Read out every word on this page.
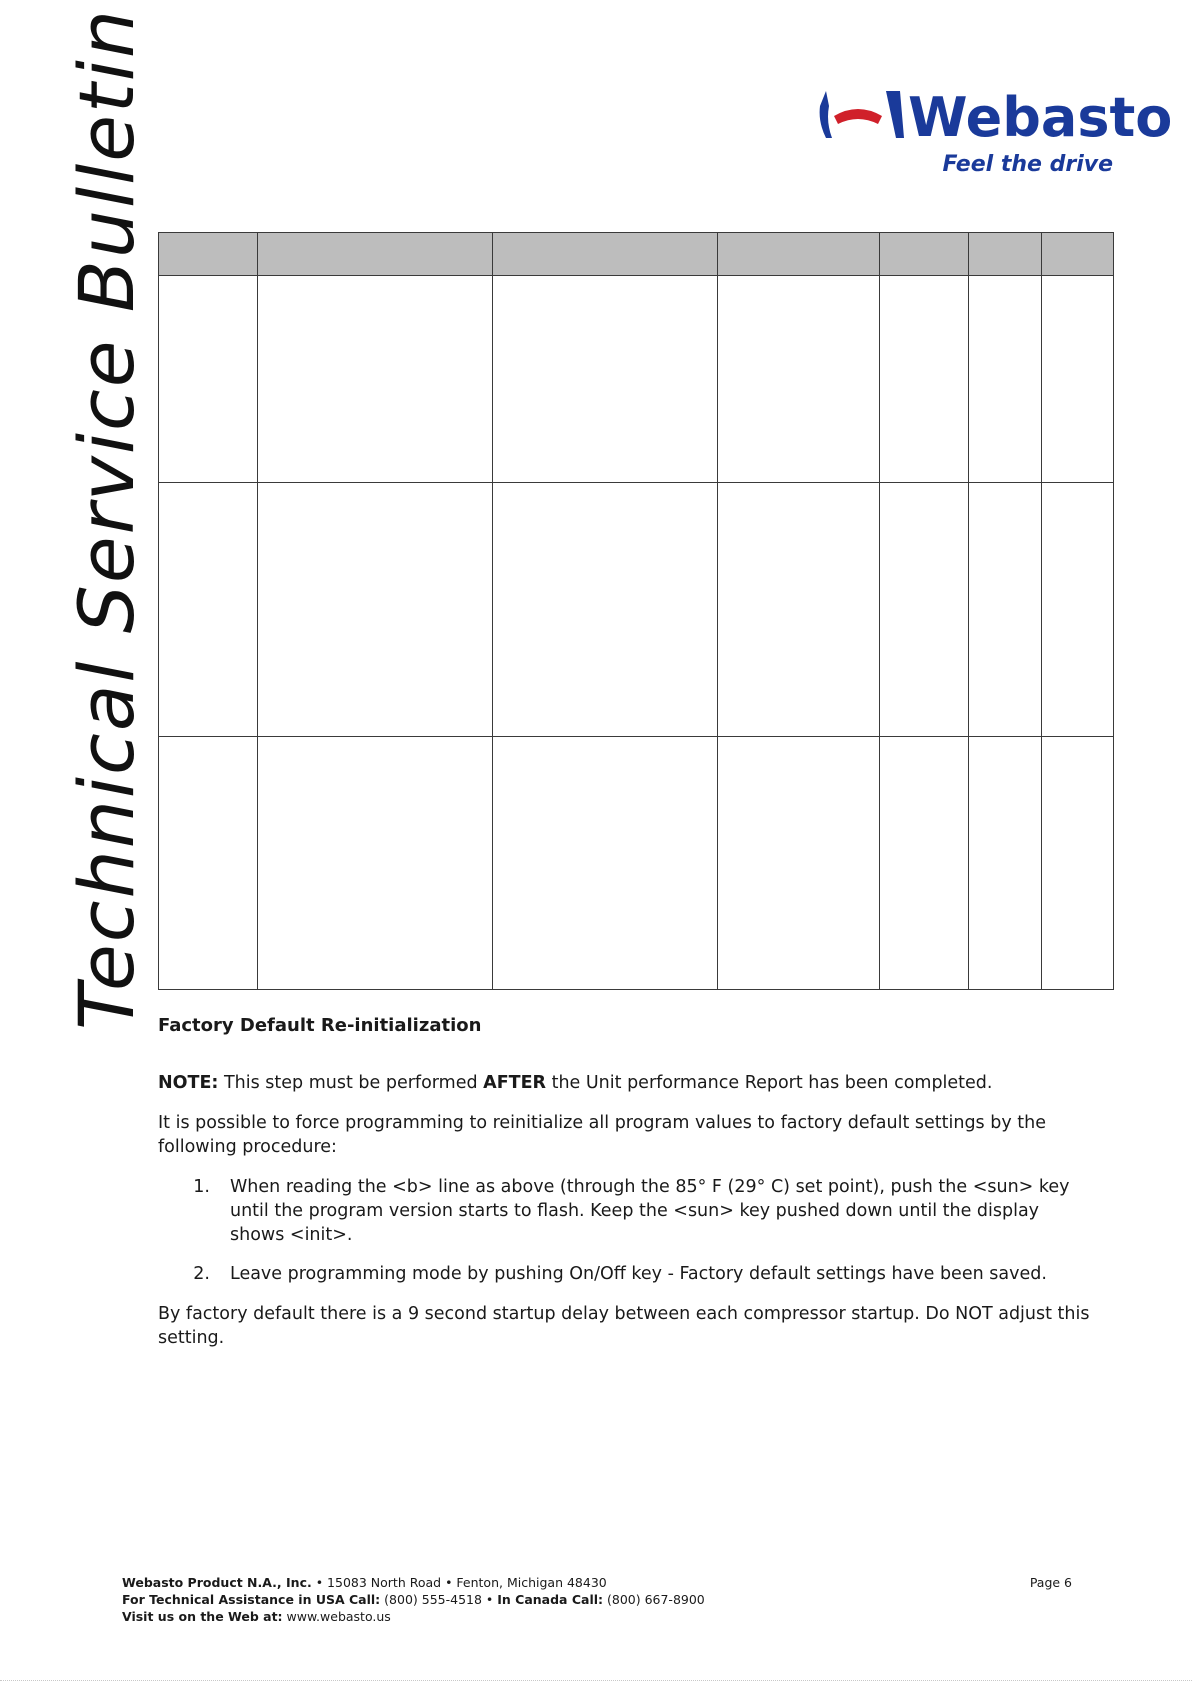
Technical Service Bulletin	Webasto
Feel the drive

Factory Default Re-initialization

NOTE: This step must be performed AFTER the Unit performance Report has been completed.

It is possible to force programming to reinitialize all program values to factory default settings by the following procedure:

1.	When reading the <b> line as above (through the 85° F (29° C) set point), push the <sun> key until the program version starts to flash. Keep the <sun> key pushed down until the display shows <init>.
2.	Leave programming mode by pushing On/Off key - Factory default settings have been saved.

By factory default there is a 9 second startup delay between each compressor startup. Do NOT adjust this setting.

Webasto Product N.A., Inc. • 15083 North Road • Fenton, Michigan 48430
For Technical Assistance in USA Call: (800) 555-4518 • In Canada Call: (800) 667-8900
Visit us on the Web at: www.webasto.us
Page 6
